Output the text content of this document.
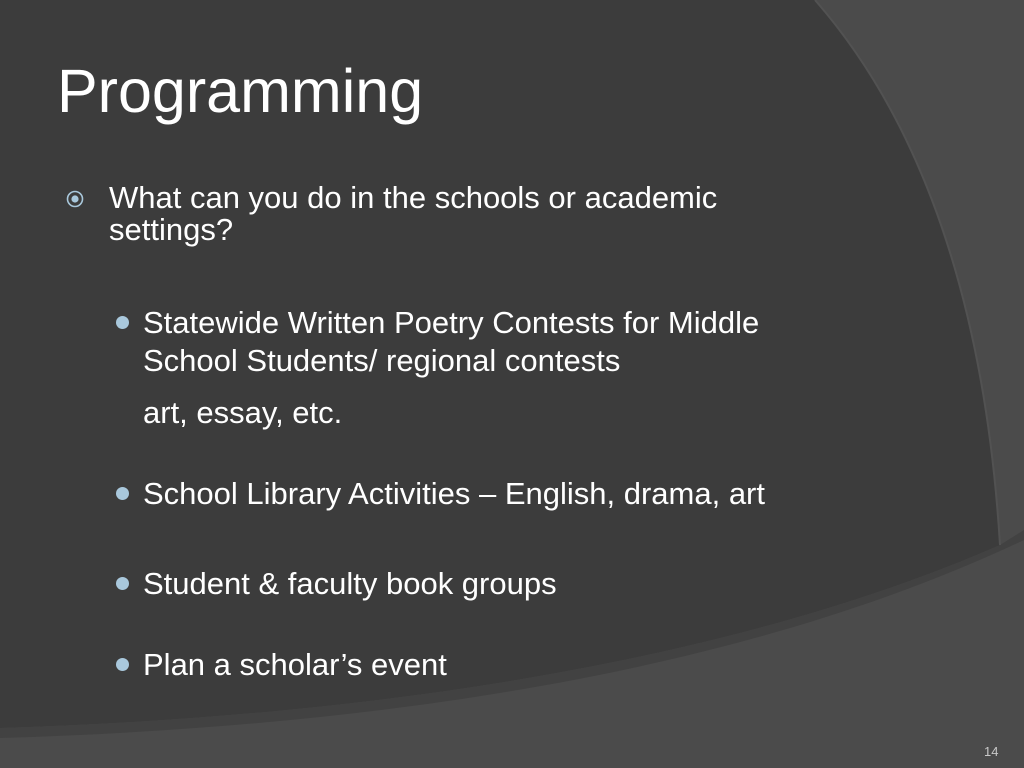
Programming
What can you do in the schools or academic settings?
Statewide Written Poetry Contests for Middle
School Students/ regional contests
art, essay, etc.
School Library Activities – English, drama, art
Student & faculty book groups
Plan a scholar’s event
14
